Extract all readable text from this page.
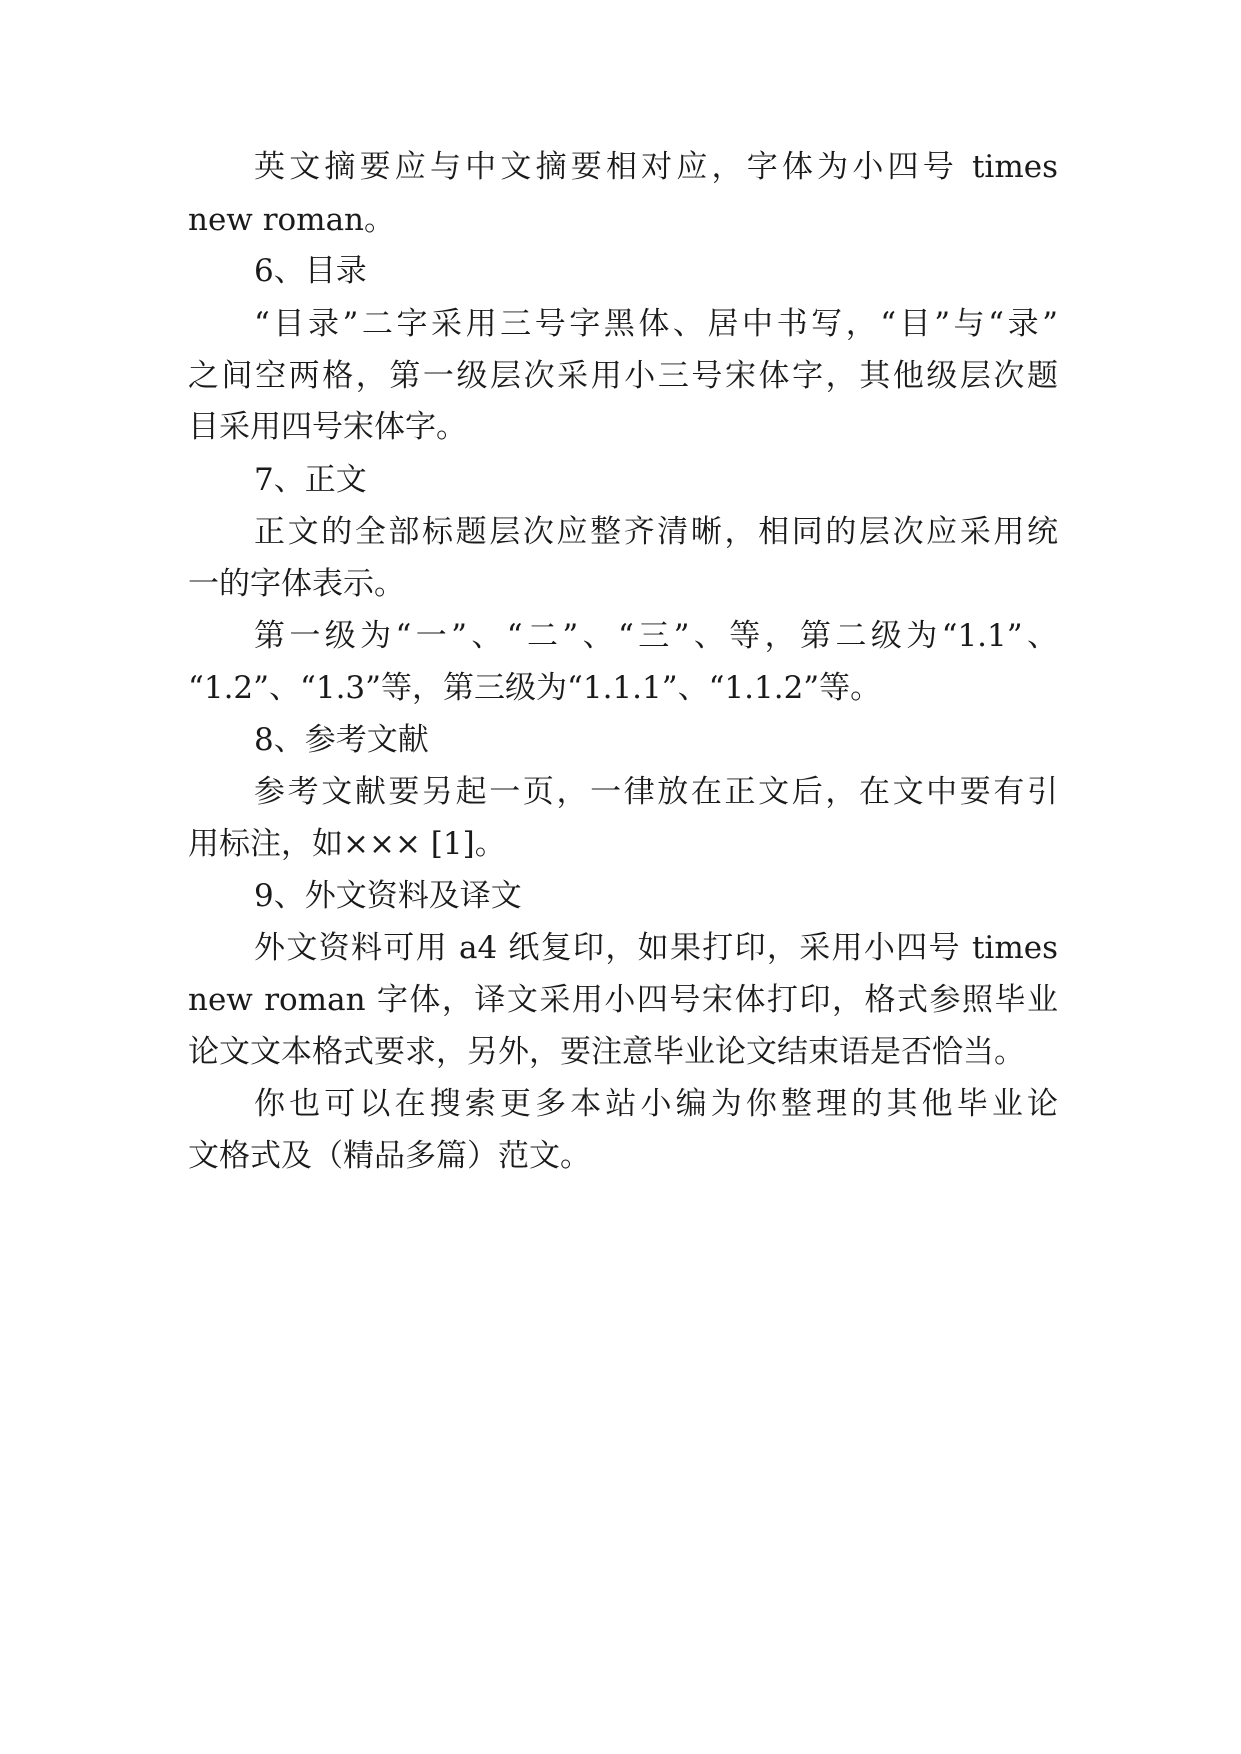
英文摘要应与中文摘要相对应，字体为小四号 times
new roman。
6、目录
“目录”二字采用三号字黑体、居中书写，“目”与“录”
之间空两格，第一级层次采用小三号宋体字，其他级层次题
目采用四号宋体字。
7、正文
正文的全部标题层次应整齐清晰，相同的层次应采用统
一的字体表示。
第一级为“一”、“二”、“三”、等，第二级为“1.1”、
“1.2”、“1.3”等，第三级为“1.1.1”、“1.1.2”等。
8、参考文献
参考文献要另起一页，一律放在正文后，在文中要有引
用标注，如××× [1]。
9、外文资料及译文
外文资料可用 a4 纸复印，如果打印，采用小四号 times
new roman 字体，译文采用小四号宋体打印，格式参照毕业
论文文本格式要求，另外，要注意毕业论文结束语是否恰当。
你也可以在搜索更多本站小编为你整理的其他毕业论
文格式及（精品多篇）范文。
